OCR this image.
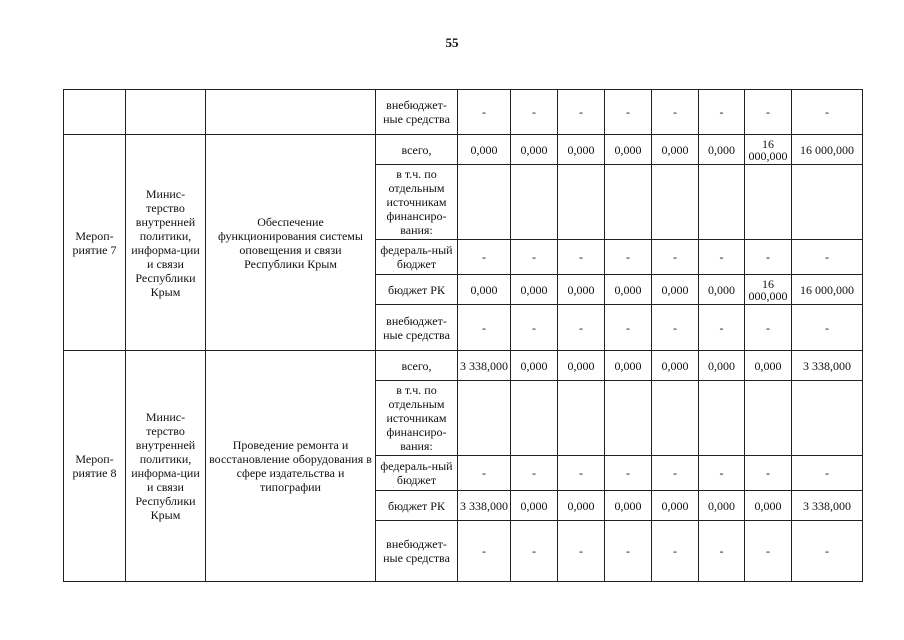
55
			внебюджет-ные средства	-	-	-	-	-	-	-	-
Мероп-риятие 7	Минис-терство внутренней политики, информа-ции и связи Республики Крым	Обеспечение функционирования системы оповещения и связи Республики Крым	всего,	0,000	0,000	0,000	0,000	0,000	0,000	16 000,000	16 000,000
			в т.ч. по отдельным источникам финансиро-вания:								
			федераль-ный бюджет	-	-	-	-	-	-	-	-
			бюджет РК	0,000	0,000	0,000	0,000	0,000	0,000	16 000,000	16 000,000
			внебюджет-ные средства	-	-	-	-	-	-	-	-
Мероп-риятие 8	Минис-терство внутренней политики, информа-ции и связи Республики Крым	Проведение ремонта и восстановление оборудования в сфере издательства и типографии	всего,	3 338,000	0,000	0,000	0,000	0,000	0,000	0,000	3 338,000
			в т.ч. по отдельным источникам финансиро-вания:								
			федераль-ный бюджет	-	-	-	-	-	-	-	-
			бюджет РК	3 338,000	0,000	0,000	0,000	0,000	0,000	0,000	3 338,000
			внебюджет-ные средства	-	-	-	-	-	-	-	-
